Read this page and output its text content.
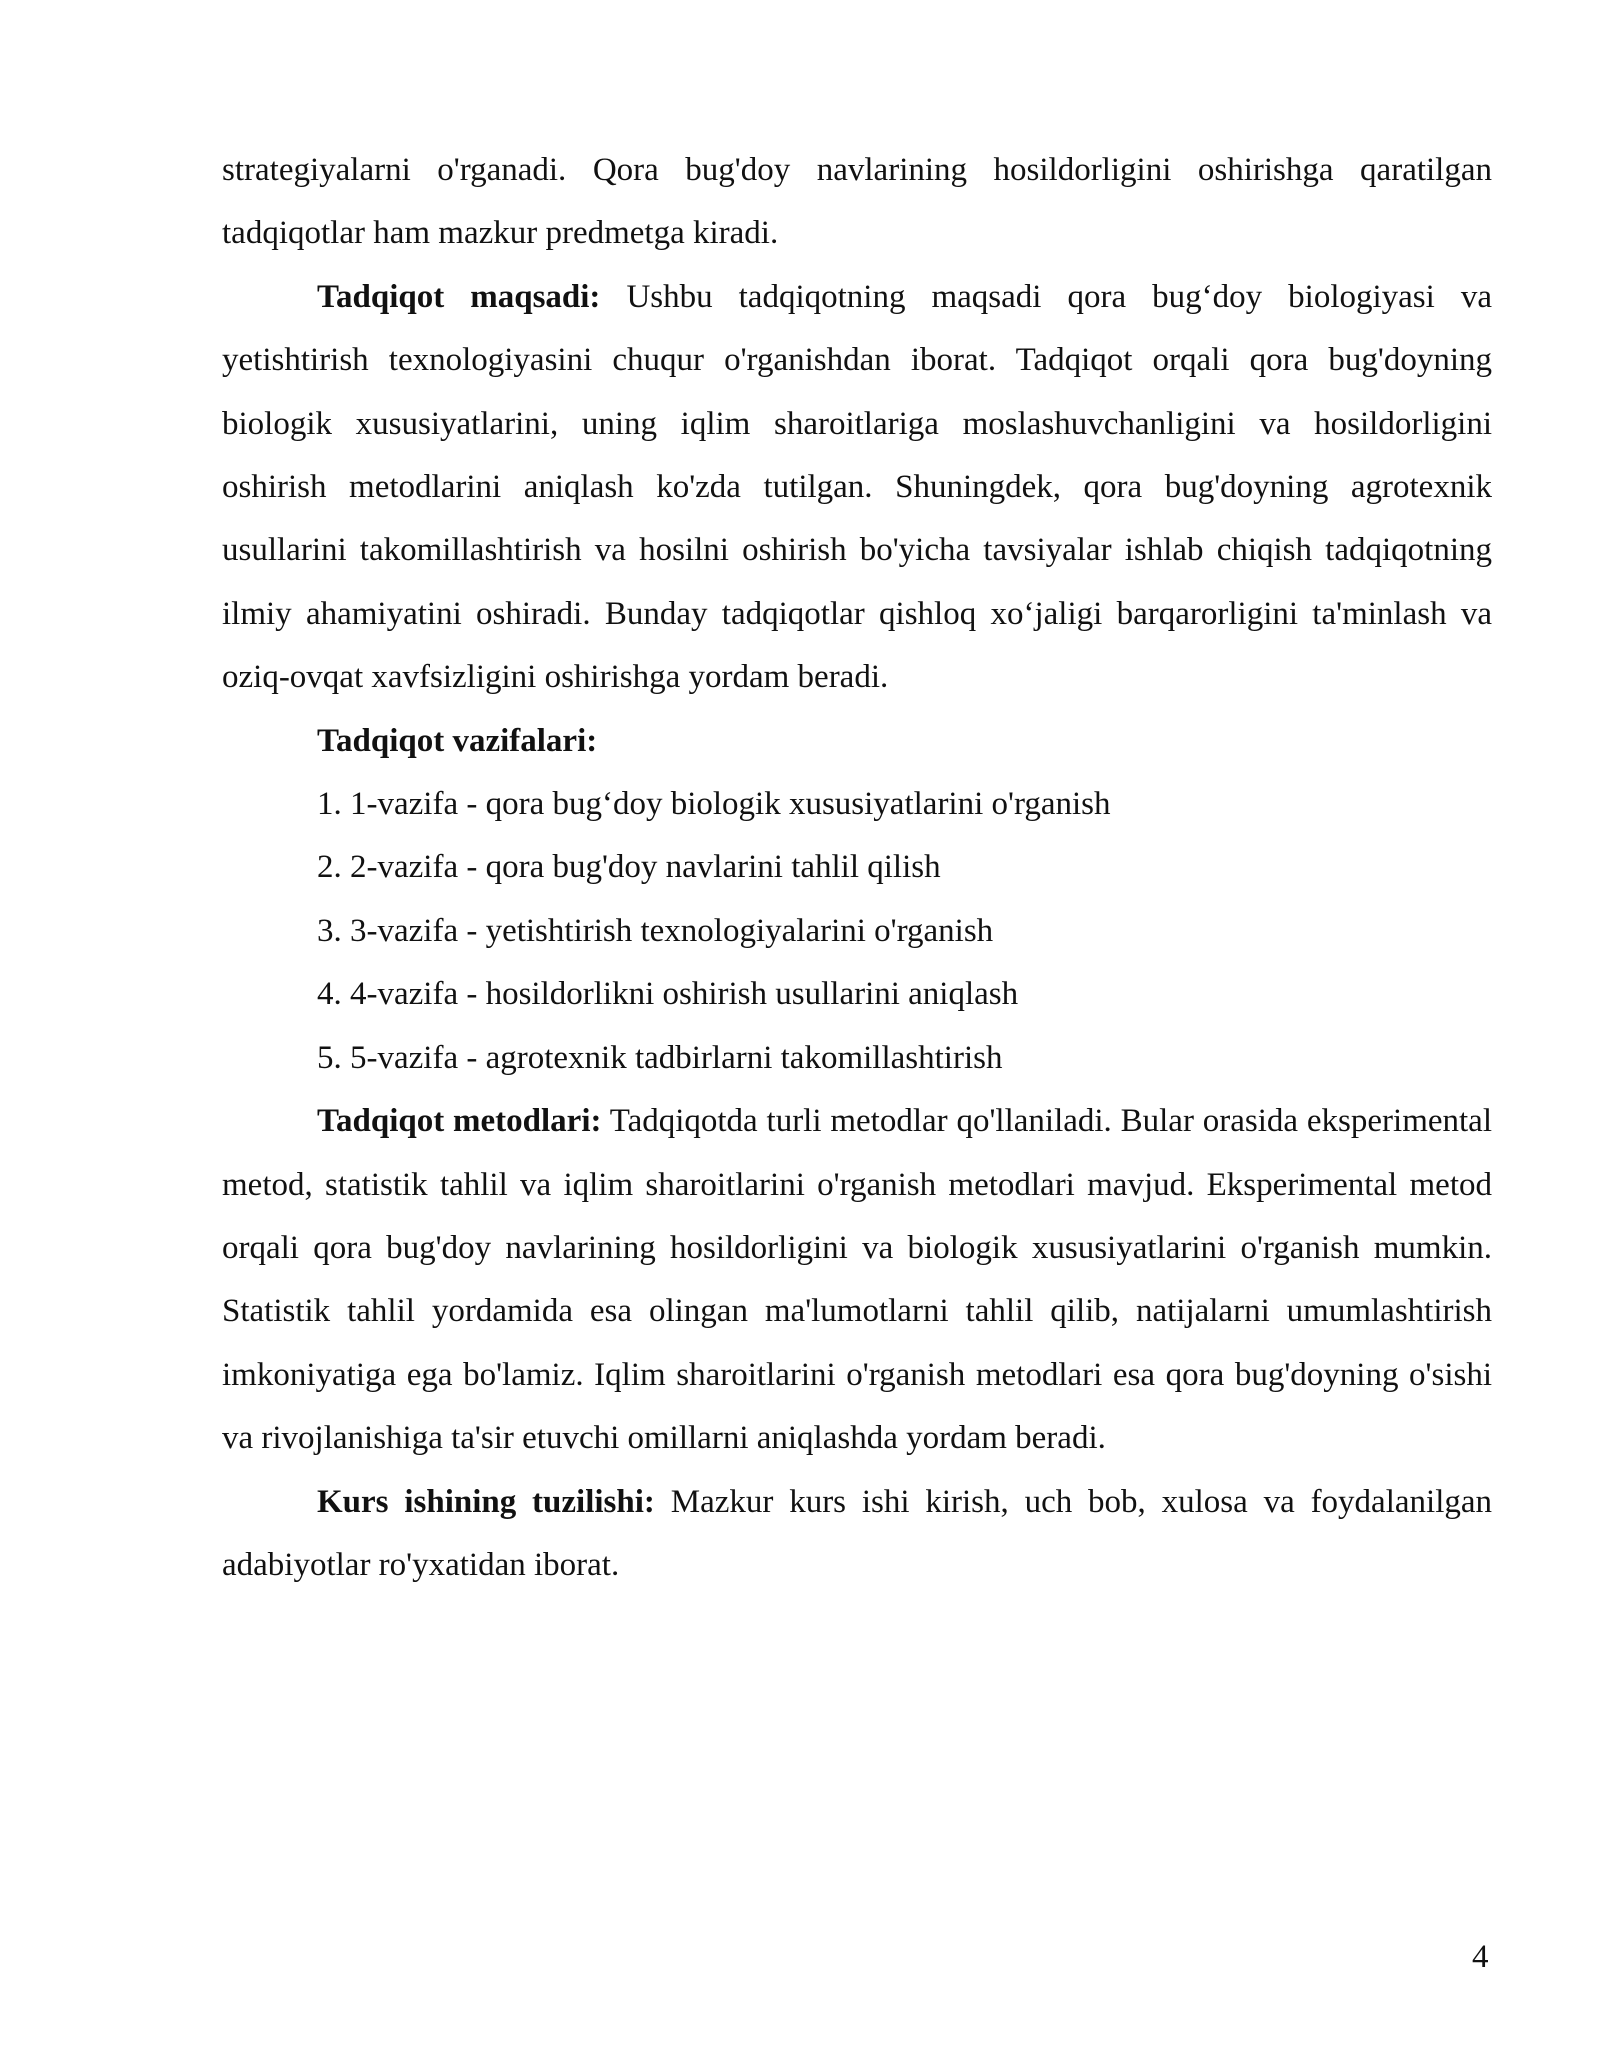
strategiyalarni o'rganadi. Qora bug'doy navlarining hosildorligini oshirishga qaratilgan tadqiqotlar ham mazkur predmetga kiradi.

Tadqiqot maqsadi: Ushbu tadqiqotning maqsadi qora bug‘doy biologiyasi va yetishtirish texnologiyasini chuqur o'rganishdan iborat. Tadqiqot orqali qora bug'doyning biologik xususiyatlarini, uning iqlim sharoitlariga moslashuvchanligini va hosildorligini oshirish metodlarini aniqlash ko'zda tutilgan. Shuningdek, qora bug'doyning agrotexnik usullarini takomillashtirish va hosilni oshirish bo'yicha tavsiyalar ishlab chiqish tadqiqotning ilmiy ahamiyatini oshiradi. Bunday tadqiqotlar qishloq xo‘jaligi barqarorligini ta'minlash va oziq-ovqat xavfsizligini oshirishga yordam beradi.

Tadqiqot vazifalari:

1. 1-vazifa - qora bug‘doy biologik xususiyatlarini o'rganish

2. 2-vazifa - qora bug'doy navlarini tahlil qilish

3. 3-vazifa - yetishtirish texnologiyalarini o'rganish

4. 4-vazifa - hosildorlikni oshirish usullarini aniqlash

5. 5-vazifa - agrotexnik tadbirlarni takomillashtirish

Tadqiqot metodlari: Tadqiqotda turli metodlar qo'llaniladi. Bular orasida eksperimental metod, statistik tahlil va iqlim sharoitlarini o'rganish metodlari mavjud. Eksperimental metod orqali qora bug'doy navlarining hosildorligini va biologik xususiyatlarini o'rganish mumkin. Statistik tahlil yordamida esa olingan ma'lumotlarni tahlil qilib, natijalarni umumlashtirish imkoniyatiga ega bo'lamiz. Iqlim sharoitlarini o'rganish metodlari esa qora bug'doyning o'sishi va rivojlanishiga ta'sir etuvchi omillarni aniqlashda yordam beradi.

Kurs ishining tuzilishi: Mazkur kurs ishi kirish, uch bob, xulosa va foydalanilgan adabiyotlar ro'yxatidan iborat.

4
